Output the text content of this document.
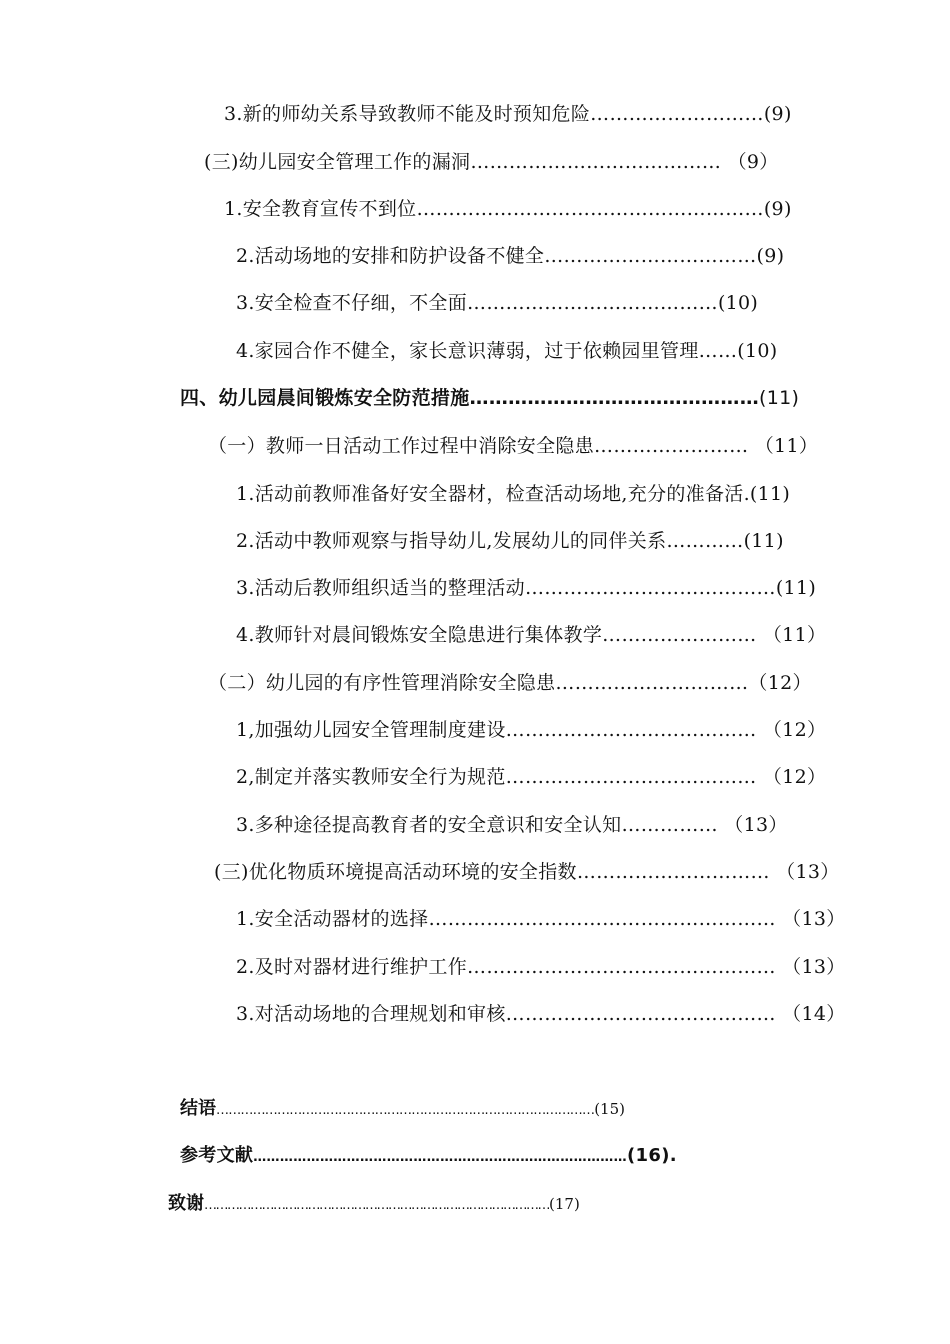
3.新的师幼关系导致教师不能及时预知危险………………………(9)
(三)幼儿园安全管理工作的漏洞………………………………… （9）
1.安全教育宣传不到位………………………………………………(9)
2.活动场地的安排和防护设备不健全……………………………(9)
3.安全检查不仔细，不全面…………………………………(10)
4.家园合作不健全，家长意识薄弱，过于依赖园里管理……(10)
四、幼儿园晨间锻炼安全防范措施………………………………………(11)
（一）教师一日活动工作过程中消除安全隐患…………………… （11）
1.活动前教师准备好安全器材，检查活动场地,充分的准备活.(11)
2.活动中教师观察与指导幼儿,发展幼儿的同伴关系…………(11)
3.活动后教师组织适当的整理活动…………………………………(11)
4.教师针对晨间锻炼安全隐患进行集体教学…………………… （11）
（二）幼儿园的有序性管理消除安全隐患…………………………（12）
1,加强幼儿园安全管理制度建设………………………………… （12）
2,制定并落实教师安全行为规范………………………………… （12）
3.多种途径提高教育者的安全意识和安全认知…………… （13）
(三)优化物质环境提高活动环境的安全指数………………………… （13）
1.安全活动器材的选择……………………………………………… （13）
2.及时对器材进行维护工作………………………………………… （13）
3.对活动场地的合理规划和审核…………………………………… （14）
结语…………………………………………………………………………………(15)
参考文献…………………………………………………………………………(16).
致谢………………………………………………………………………………(17)
